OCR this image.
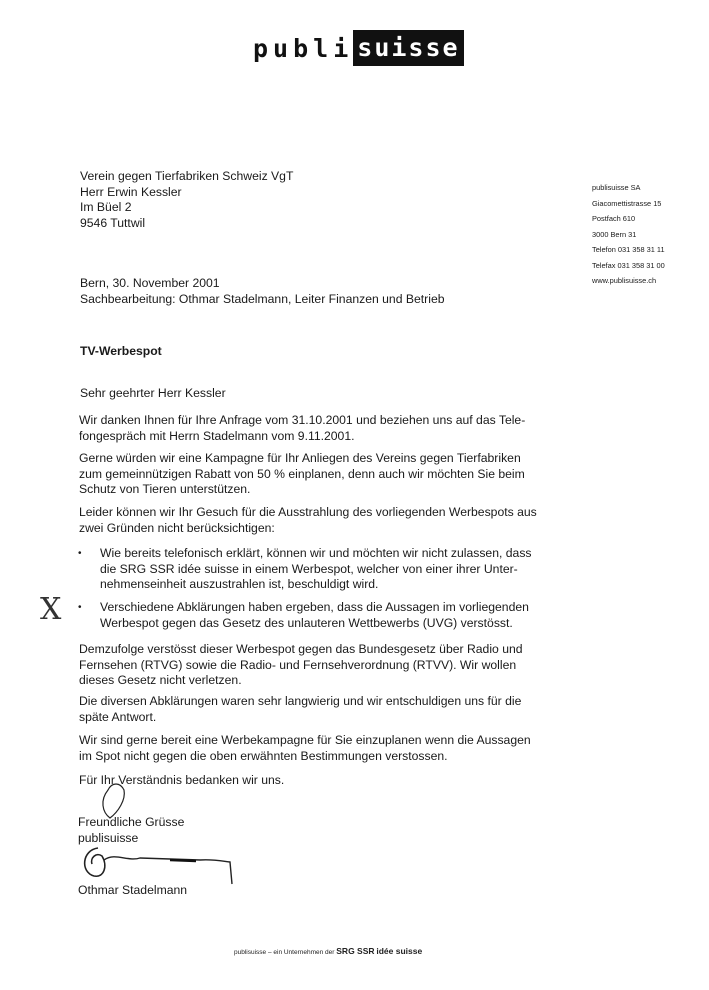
publi suisse
Verein gegen Tierfabriken Schweiz VgT
Herr Erwin Kessler
Im Büel 2
9546 Tuttwil
publisuisse SA
Giacomettistrasse 15
Postfach 610
3000 Bern 31
Telefon 031 358 31 11
Telefax 031 358 31 00
www.publisuisse.ch
Bern, 30. November 2001
Sachbearbeitung: Othmar Stadelmann, Leiter Finanzen und Betrieb
TV-Werbespot
Sehr geehrter Herr Kessler
Wir danken Ihnen für Ihre Anfrage vom 31.10.2001 und beziehen uns auf das Tele-
fongespräch mit Herrn Stadelmann vom 9.11.2001.
Gerne würden wir eine Kampagne für Ihr Anliegen des Vereins gegen Tierfabriken
zum gemeinnützigen Rabatt von 50 % einplanen, denn auch wir möchten Sie beim
Schutz von Tieren unterstützen.
Leider können wir Ihr Gesuch für die Ausstrahlung des vorliegenden Werbespots aus
zwei Gründen nicht berücksichtigen:
•	Wie bereits telefonisch erklärt, können wir und möchten wir nicht zulassen, dass
die SRG SSR idée suisse in einem Werbespot, welcher von einer ihrer Unter-
nehmenseinheit auszustrahlen ist, beschuldigt wird.
•	Verschiedene Abklärungen haben ergeben, dass die Aussagen im vorliegenden
Werbespot gegen das Gesetz des unlauteren Wettbewerbs (UVG) verstösst.
X
Demzufolge verstösst dieser Werbespot gegen das Bundesgesetz über Radio und
Fernsehen (RTVG) sowie die Radio- und Fernsehverordnung (RTVV). Wir wollen
dieses Gesetz nicht verletzen.
Die diversen Abklärungen waren sehr langwierig und wir entschuldigen uns für die
späte Antwort.
Wir sind gerne bereit eine Werbekampagne für Sie einzuplanen wenn die Aussagen
im Spot nicht gegen die oben erwähnten Bestimmungen verstossen.
Für Ihr Verständnis bedanken wir uns.
Freundliche Grüsse
publisuisse
Othmar Stadelmann
publisuisse – ein Unternehmen der SRG SSR idée suisse
